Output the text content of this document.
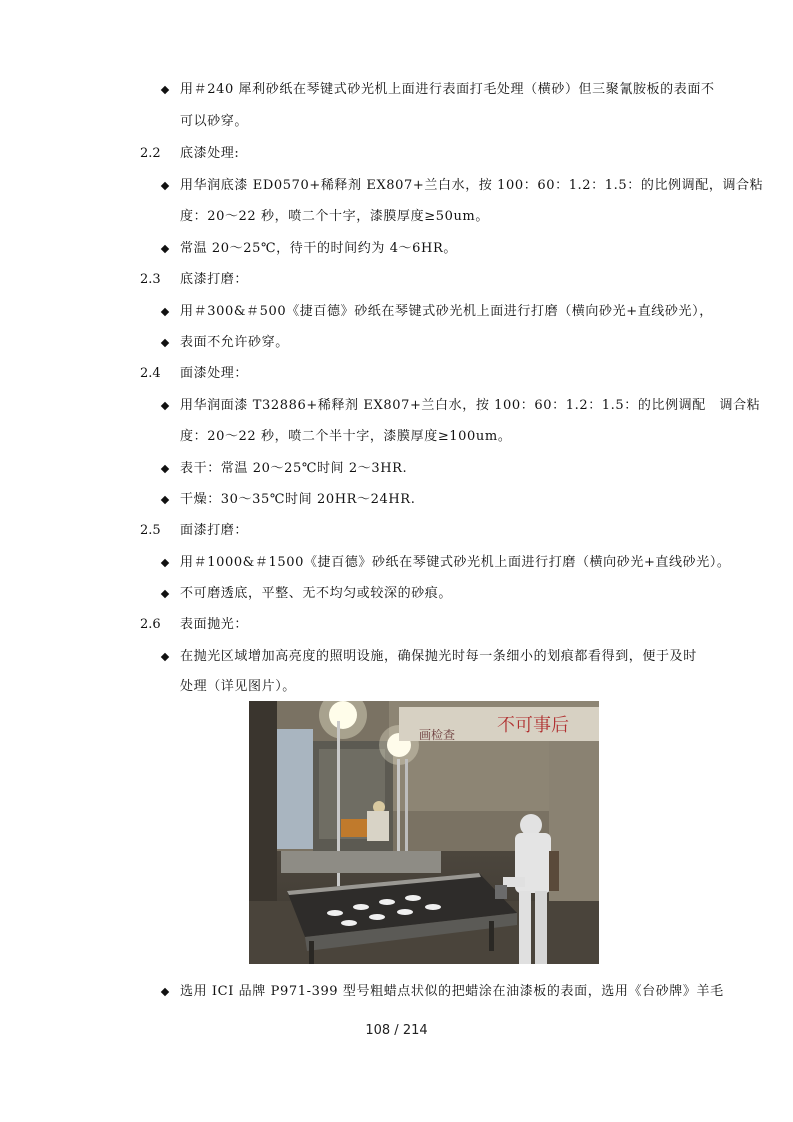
用＃240 犀利砂纸在琴键式砂光机上面进行表面打毛处理（横砂）但三聚氰胺板的表面不
可以砂穿。
2.2 底漆处理:
用华润底漆 ED0570+稀释剂 EX807+兰白水，按 100：60：1.2：1.5：的比例调配，调合粘
度：20～22 秒，喷二个十字，漆膜厚度≥50um。
常温 20～25℃，待干的时间约为 4～6HR。
2.3 底漆打磨：
用＃300&＃500《捷百德》砂纸在琴键式砂光机上面进行打磨（横向砂光+直线砂光），
表面不允许砂穿。
2.4 面漆处理：
用华润面漆 T32886+稀释剂 EX807+兰白水，按 100：60：1.2：1.5：的比例调配　调合粘
度：20～22 秒，喷二个半十字，漆膜厚度≥100um。
表干：常温 20～25℃时间 2～3HR.
干燥：30～35℃时间 20HR～24HR.
2.5 面漆打磨：
用＃1000&＃1500《捷百德》砂纸在琴键式砂光机上面进行打磨（横向砂光+直线砂光）。
不可磨透底，平整、无不均匀或较深的砂痕。
2.6 表面抛光：
在抛光区域增加高亮度的照明设施，确保抛光时每一条细小的划痕都看得到，便于及时
处理（详见图片）。
不可事后
画检查
选用 ICI 品牌 P971-399 型号粗蜡点状似的把蜡涂在油漆板的表面，选用《台砂牌》羊毛
108 / 214
